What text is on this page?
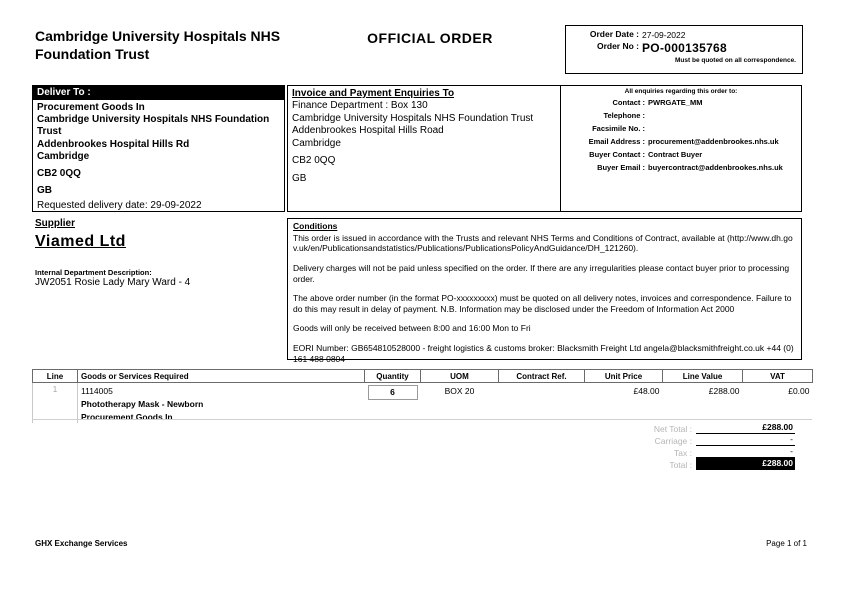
Cambridge University Hospitals NHS Foundation Trust
OFFICIAL ORDER	Order Date : 27-09-2022
Order No : PO-000135768
Must be quoted on all correspondence.
Deliver To :
Procurement Goods In
Cambridge University Hospitals NHS Foundation Trust
Addenbrookes Hospital Hills Rd
Cambridge
CB2 0QQ
GB
Requested delivery date: 29-09-2022
Invoice and Payment Enquiries To
Finance Department : Box 130
Cambridge University Hospitals NHS Foundation Trust
Addenbrookes Hospital Hills Road
Cambridge
CB2 0QQ
GB
All enquiries regarding this order to:
Contact : PWRGATE_MM
Telephone :
Facsimile No. :
Email Address : procurement@addenbrookes.nhs.uk
Buyer Contact : Contract Buyer
Buyer Email : buyercontract@addenbrookes.nhs.uk
Supplier
Viamed Ltd
Internal Department Description:
JW2051 Rosie Lady Mary Ward - 4
Conditions

This order is issued in accordance with the Trusts and relevant NHS Terms and Conditions of Contract, available at (http://www.dh.gov.uk/en/Publicationsandstatistics/Publications/PublicationsPolicyAndGuidance/DH_121260).

Delivery charges will not be paid unless specified on the order. If there are any irregularities please contact buyer prior to processing order.

The above order number (in the format PO-xxxxxxxxx) must be quoted on all delivery notes, invoices and correspondence. Failure to do this may result in delay of payment. N.B. Information may be disclosed under the Freedom of Information Act 2000

Goods will only be received between 8:00 and 16:00 Mon to Fri

EORI Number: GB654810528000 - freight logistics & customs broker: Blacksmith Freight Ltd angela@blacksmithfreight.co.uk +44 (0) 161 488 0804

Line	Goods or Services Required	Quantity	UOM	Contract Ref.	Unit Price	Line Value	VAT
1	1114005
Phototherapy Mask - Newborn
Procurement Goods In	6	BOX 20		£48.00	£288.00	£0.00
Net Total :	£288.00
Carriage :	-
Tax :	-
Total :	£288.00
GHX Exchange Services	Page 1 of 1
